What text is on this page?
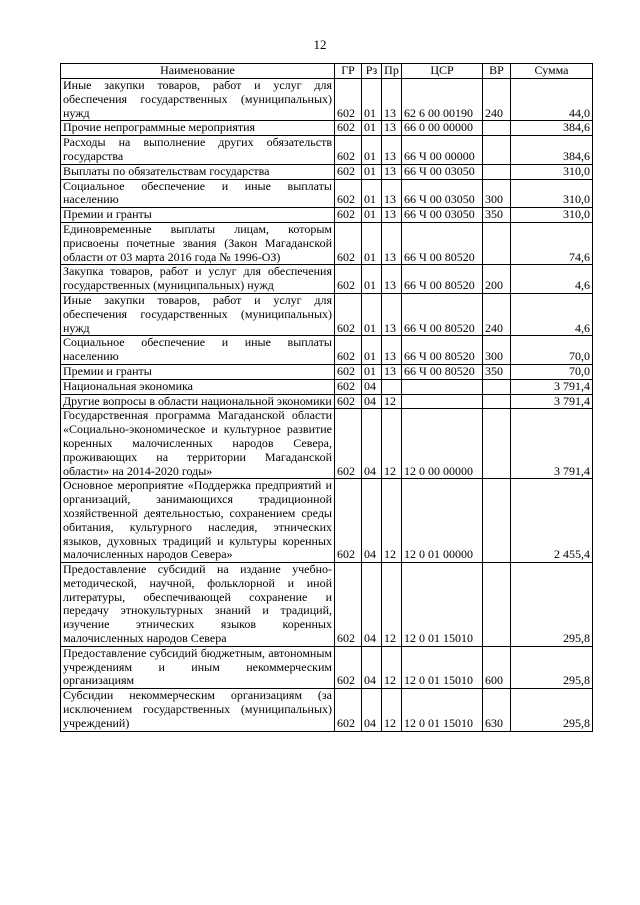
12
Наименование	ГР	Рз	Пр	ЦСР	ВР	Сумма
Иные закупки товаров, работ и услуг для обеспечения государственных (муниципальных) нужд	602	01	13	62 6 00 00190	240	44,0
Прочие непрограммные мероприятия	602	01	13	66 0 00 00000		384,6
Расходы на выполнение других обязательств государства	602	01	13	66 Ч 00 00000		384,6
Выплаты по обязательствам государства	602	01	13	66 Ч 00 03050		310,0
Социальное обеспечение и иные выплаты населению	602	01	13	66 Ч 00 03050	300	310,0
Премии и гранты	602	01	13	66 Ч 00 03050	350	310,0
Единовременные выплаты лицам, которым присвоены почетные звания (Закон Магаданской области от 03 марта 2016 года № 1996-ОЗ)	602	01	13	66 Ч 00 80520		74,6
Закупка товаров, работ и услуг для обеспечения государственных (муниципальных) нужд	602	01	13	66 Ч 00 80520	200	4,6
Иные закупки товаров, работ и услуг для обеспечения государственных (муниципальных) нужд	602	01	13	66 Ч 00 80520	240	4,6
Социальное обеспечение и иные выплаты населению	602	01	13	66 Ч 00 80520	300	70,0
Премии и гранты	602	01	13	66 Ч 00 80520	350	70,0
Национальная экономика	602	04				3 791,4
Другие вопросы в области национальной экономики	602	04	12			3 791,4
Государственная программа Магаданской области «Социально-экономическое и культурное развитие коренных малочисленных народов Севера, проживающих на территории Магаданской области» на 2014-2020 годы»	602	04	12	12 0 00 00000		3 791,4
Основное мероприятие «Поддержка предприятий и организаций, занимающихся традиционной хозяйственной деятельностью, сохранением среды обитания, культурного наследия, этнических языков, духовных традиций и культуры коренных малочисленных народов Севера»	602	04	12	12 0 01 00000		2 455,4
Предоставление субсидий на издание учебно-методической, научной, фольклорной и иной литературы, обеспечивающей сохранение и передачу этнокультурных знаний и традиций, изучение этнических языков коренных малочисленных народов Севера	602	04	12	12 0 01 15010		295,8
Предоставление субсидий бюджетным, автономным учреждениям и иным некоммерческим организациям	602	04	12	12 0 01 15010	600	295,8
Субсидии некоммерческим организациям (за исключением государственных (муниципальных) учреждений)	602	04	12	12 0 01 15010	630	295,8
